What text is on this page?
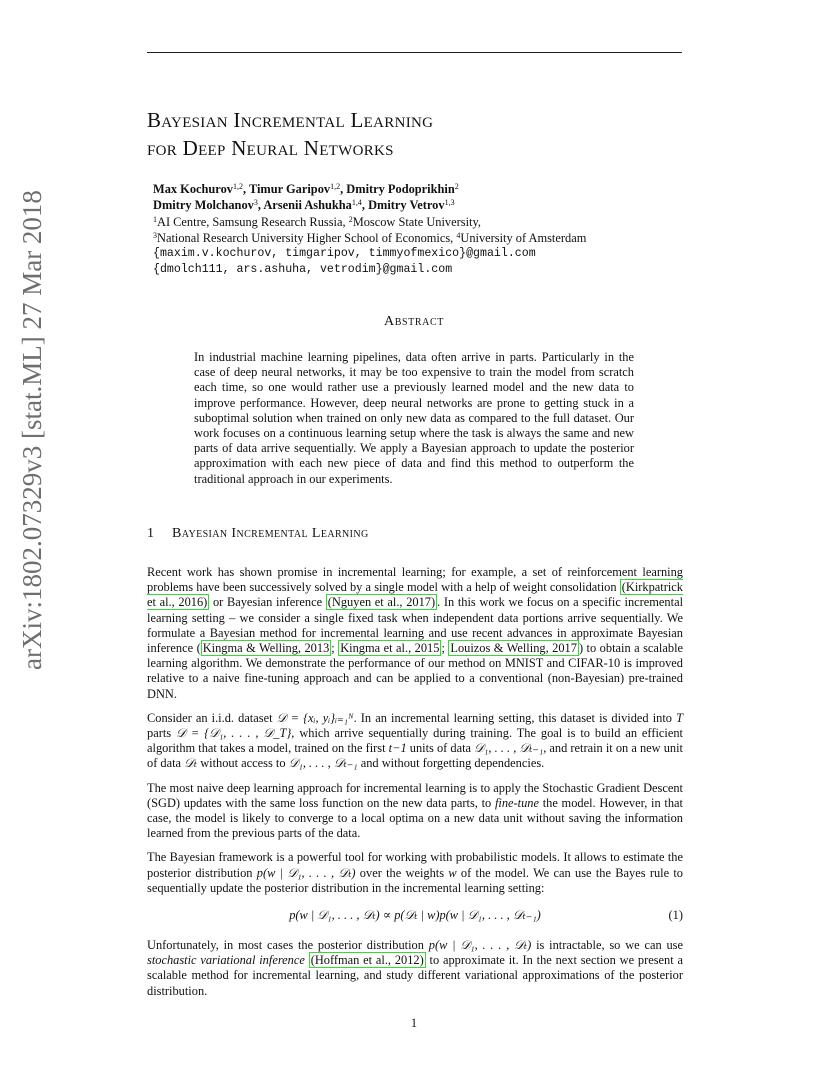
arXiv:1802.07329v3 [stat.ML] 27 Mar 2018
Bayesian Incremental Learning
for Deep Neural Networks
Max Kochurov$^{1,2}$, Timur Garipov$^{1,2}$, Dmitry Podoprikhin$^2$
Dmitry Molchanov$^3$, Arsenii Ashukha$^{1,4}$, Dmitry Vetrov$^{1,3}$
$^1$AI Centre, Samsung Research Russia, $^2$Moscow State University,
$^3$National Research University Higher School of Economics, $^4$University of Amsterdam
{maxim.v.kochurov, timgaripov, timmyofmexico}@gmail.com
{dmolch111, ars.ashuha, vetrodim}@gmail.com
Abstract
In industrial machine learning pipelines, data often arrive in parts. Particularly in the case of deep neural networks, it may be too expensive to train the model from scratch each time, so one would rather use a previously learned model and the new data to improve performance. However, deep neural networks are prone to getting stuck in a suboptimal solution when trained on only new data as compared to the full dataset. Our work focuses on a continuous learning setup where the task is always the same and new parts of data arrive sequentially. We apply a Bayesian approach to update the posterior approximation with each new piece of data and find this method to outperform the traditional approach in our experiments.
1 Bayesian Incremental Learning

Recent work has shown promise in incremental learning; for example, a set of reinforcement learning problems have been successively solved by a single model with a help of weight consolidation (Kirkpatrick et al., 2016) or Bayesian inference (Nguyen et al., 2017) . In this work we focus on a specific incremental learning setting – we consider a single fixed task when independent data portions arrive sequentially. We formulate a Bayesian method for incremental learning and use recent advances in approximate Bayesian inference ( Kingma & Welling, 2013 ; Kingma et al., 2015 ; Louizos & Welling, 2017 ) to obtain a scalable learning algorithm. We demonstrate the performance of our method on MNIST and CIFAR-10 is improved relative to a naive fine-tuning approach and can be applied to a conventional (non-Bayesian) pre-trained DNN.

Consider an i.i.d. dataset 𝒟 = {xᵢ, yᵢ}ᵢ₌₁ᴺ. In an incremental learning setting, this dataset is divided into T parts 𝒟 = {𝒟₁, . . . , 𝒟_T}, which arrive sequentially during training. The goal is to build an efficient algorithm that takes a model, trained on the first t−1 units of data 𝒟₁, . . . , 𝒟ₜ₋₁, and retrain it on a new unit of data 𝒟ₜ without access to 𝒟₁, . . . , 𝒟ₜ₋₁ and without forgetting dependencies.

The most naive deep learning approach for incremental learning is to apply the Stochastic Gradient Descent (SGD) updates with the same loss function on the new data parts, to fine-tune the model. However, in that case, the model is likely to converge to a local optima on a new data unit without saving the information learned from the previous parts of the data.

The Bayesian framework is a powerful tool for working with probabilistic models. It allows to estimate the posterior distribution p(w | 𝒟₁, . . . , 𝒟ₜ) over the weights w of the model. We can use the Bayes rule to sequentially update the posterior distribution in the incremental learning setting:

p(w | 𝒟₁, . . . , 𝒟ₜ) ∝ p(𝒟ₜ | w)p(w | 𝒟₁, . . . , 𝒟ₜ₋₁)	(1)

Unfortunately, in most cases the posterior distribution p(w | 𝒟₁, . . . , 𝒟ₜ) is intractable, so we can use stochastic variational inference (Hoffman et al., 2012) to approximate it. In the next section we present a scalable method for incremental learning, and study different variational approximations of the posterior distribution.

1
